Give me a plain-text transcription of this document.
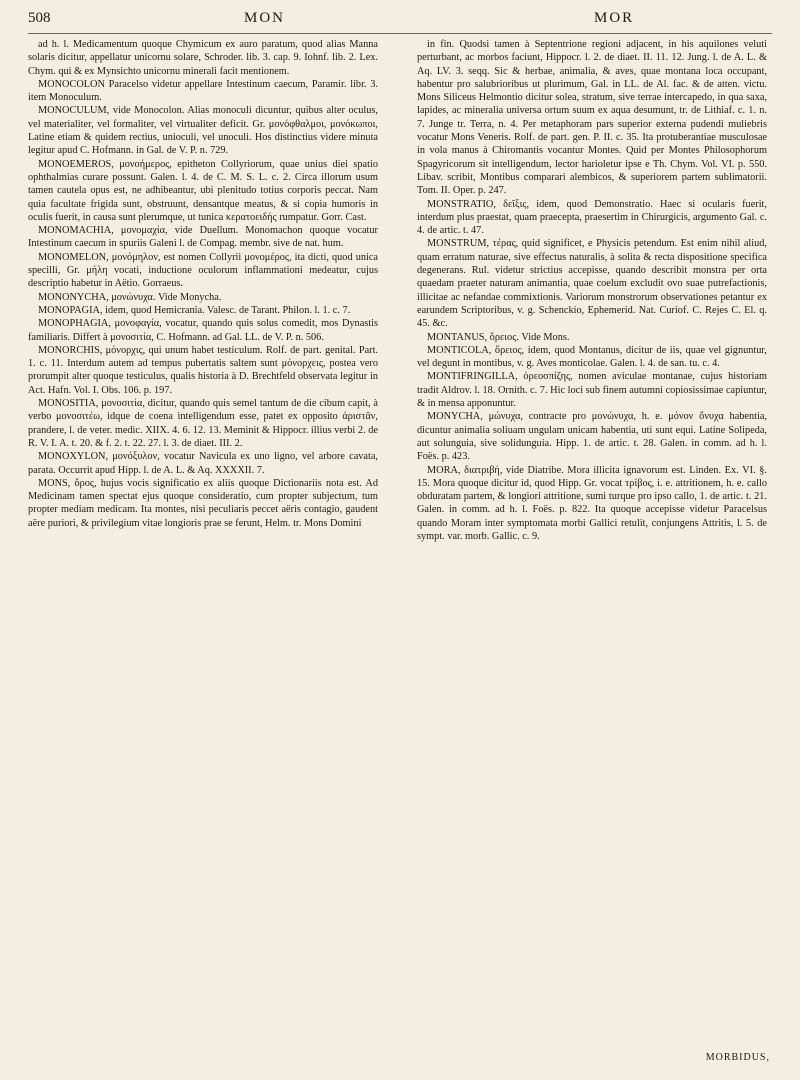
508	MON	MOR

ad h. l. Medicamentum quoque Chymicum ex auro paratum, quod alias Manna solaris dicitur, appellatur unicornu solare, Schroder. lib. 3. cap. 9. Iohnf. lib. 2. Lex. Chym. qui & ex Mynsichto unicornu minerali facit mentionem.

MONOCOLON Paracelso videtur appellare Intestinum caecum, Paramir. libr. 3. item Monoculum.

MONOCULUM, vide Monocolon. Alias monoculi dicuntur, quibus alter oculus, vel materialiter, vel formaliter, vel virtualiter deficit. Gr. μονόφθαλμοι, μονόκωποι, Latine etiam & quidem rectius, unioculi, vel unoculi. Hos distinctius videre minuta legitur apud C. Hofmann. in Gal. de V. P. n. 729.

MONOEMEROS, μονοήμερος, epitheton Collyriorum, quae unius diei spatio ophthalmias curare possunt. Galen. l. 4. de C. M. S. L. c. 2. Circa illorum usum tamen cautela opus est, ne adhibeantur, ubi plenitudo totius corporis peccat. Nam quia facultate frigida sunt, obstruunt, densantque meatus, & si copia humoris in oculis fuerit, in causa sunt plerumque, ut tunica κερατοειδής rumpatur. Gorr. Cast.

MONOMACHIA, μονομαχία, vide Duellum. Monomachon quoque vocatur Intestinum caecum in spuriis Galeni l. de Compag. membr. sive de nat. hum.

MONOMELON, μονόμηλον, est nomen Collyrii μονομέρος, ita dicti, quod unica specilli, Gr. μήλη vocati, inductione oculorum inflammationi medeatur, cujus descriptio habetur in Aëtio. Gorraeus.

MONONYCHA, μονώνυχα. Vide Monycha.

MONOPAGIA, idem, quod Hemicrania. Valesc. de Tarant. Philon. l. 1. c. 7.

MONOPHAGIA, μονοφαγία, vocatur, quando quis solus comedit, mos Dynastis familiaris. Differt à μονοσιτία, C. Hofmann. ad Gal. LL. de V. P. n. 506.

MONORCHIS, μόνορχις, qui unum habet testiculum. Rolf. de part. genital. Part. 1. c. 11. Interdum autem ad tempus pubertatis saltem sunt μόνορχεις, postea vero prorumpit alter quoque testiculus, qualis historia à D. Brechtfeld observata legitur in Act. Hafn. Vol. I. Obs. 106. p. 197.

MONOSITIA, μονοσιτία, dicitur, quando quis semel tantum de die cibum capit, à verbo μονοσιτέω, idque de coena intelligendum esse, patet ex opposito ἀριστᾶν, prandere, l. de veter. medic. XIIX. 4. 6. 12. 13. Meminit & Hippocr. illius verbi 2. de R. V. I. A. t. 20. & f. 2. t. 22. 27. l. 3. de diaet. III. 2.

MONOXYLON, μονόξυλον, vocatur Navicula ex uno ligno, vel arbore cavata, parata. Occurrit apud Hipp. l. de A. L. & Aq. XXXXII. 7.

MONS, ὄρος, hujus vocis significatio ex aliis quoque Dictionariis nota est. Ad Medicinam tamen spectat ejus quoque consideratio, cum propter subjectum, tum propter mediam medicam. Ita montes, nisi peculiaris peccet aëris contagio, gaudent aëre puriori, & privilegium vitae longioris prae se ferunt, Helm. tr. Mons Domini

in fin. Quodsi tamen à Septentrione regioni adjacent, in his aquilones veluti perturbant, ac morbos faciunt, Hippocr. l. 2. de diaet. II. 11. 12. Jung. l. de A. L. & Aq. LV. 3. seqq. Sic & herbae, animalia, & aves, quae montana loca occupant, habentur pro salubrioribus ut plurimum, Gal. in LL. de Al. fac. & de atten. victu. Mons Siliceus Helmontio dicitur solea, stratum, sive terrae intercapedo, in qua saxa, lapides, ac mineralia universa ortum suum ex aqua desumunt, tr. de Lithiaf. c. 1. n. 7. Junge tr. Terra, n. 4. Per metaphoram pars superior externa pudendi muliebris vocatur Mons Veneris. Rolf. de part. gen. P. II. c. 35. Ita protuberantiae musculosae in vola manus à Chiromantis vocantur Montes. Quid per Montes Philosophorum Spagyricorum sit intelligendum, lector harioletur ipse e Th. Chym. Vol. VI. p. 550. Libav. scribit, Montibus comparari alembicos, & superiorem partem sublimatorii. Tom. II. Oper. p. 247.

MONSTRATIO, δεῖξις, idem, quod Demonstratio. Haec si ocularis fuerit, interdum plus praestat, quam praecepta, praesertim in Chirurgicis, argumento Gal. c. 4. de artic. t. 47.

MONSTRUM, τέρας, quid significet, e Physicis petendum. Est enim nihil aliud, quam erratum naturae, sive effectus naturalis, à solita & recta dispositione specifica degenerans. Rul. videtur strictius accepisse, quando describit monstra per orta quaedam praeter naturam animantia, quae coelum excludit ovo suae putrefactionis, illicitae ac nefandae commixtionis. Variorum monstrorum observationes petantur ex earundem Scriptoribus, v. g. Schenckio, Ephemerid. Nat. Curiof. C. Rejes C. El. q. 45. &c.

MONTANUS, ὄρειος. Vide Mons.

MONTICOLA, ὄρειος, idem, quod Montanus, dicitur de iis, quae vel gignuntur, vel degunt in montibus, v. g. Aves monticolae. Galen. l. 4. de san. tu. c. 4.

MONTIFRINGILLA, ὀρεοσπίζης, nomen aviculae montanae, cujus historiam tradit Aldrov. l. 18. Ornith. c. 7. Hic loci sub finem autumni copiosissimae capiuntur, & in mensa apponuntur.

MONYCHA, μώνυχα, contracte pro μονώνυχα, h. e. μόνον ὄνυχα habentia, dicuntur animalia soliuam ungulam unicam habentia, uti sunt equi. Latine Solipeda, aut solunguia, sive solidunguia. Hipp. 1. de artic. t. 28. Galen. in comm. ad h. l. Foës. p. 423.

MORA, διατριβή, vide Diatribe. Mora illicita ignavorum est. Linden. Ex. VI. §. 15. Mora quoque dicitur id, quod Hipp. Gr. vocat τρίβος, i. e. attritionem, h. e. callo obduratam partem, & longiori attritione, sumi turque pro ipso callo, 1. de artic. t. 21. Galen. in comm. ad h. l. Foës. p. 822. Ita quoque accepisse videtur Paracelsus quando Moram inter symptomata morbi Gallici retulit, conjungens Attritis, l. 5. de sympt. var. morb. Gallic. c. 9.

MORBIDUS,
